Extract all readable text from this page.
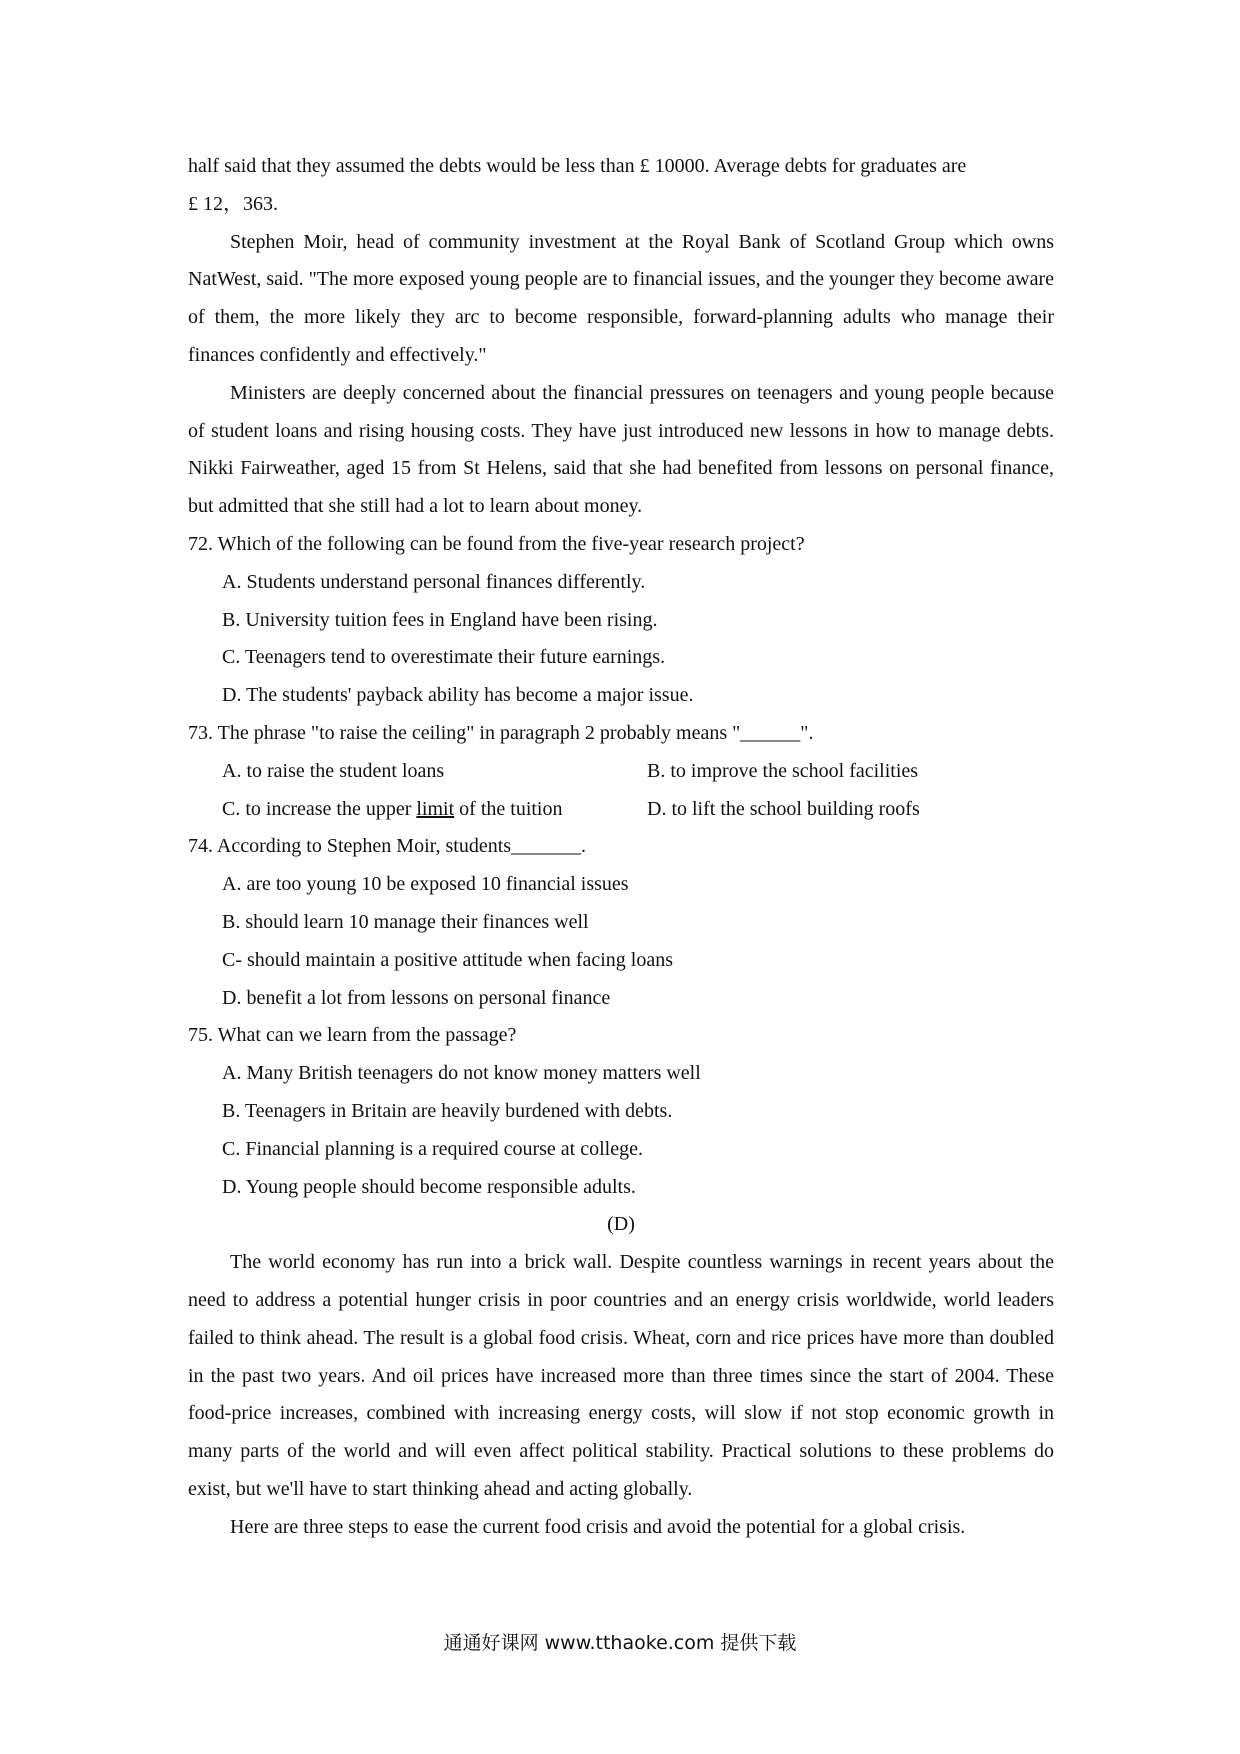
half said that they assumed the debts would be less than £ 10000. Average debts for graduates are
£ 12，363.

Stephen Moir, head of community investment at the Royal Bank of Scotland Group which owns NatWest, said. "The more exposed young people are to financial issues, and the younger they become aware of them, the more likely they arc to become responsible, forward-planning adults who manage their finances confidently and effectively."

Ministers are deeply concerned about the financial pressures on teenagers and young people because of student loans and rising housing costs. They have just introduced new lessons in how to manage debts. Nikki Fairweather, aged 15 from St Helens, said that she had benefited from lessons on personal finance, but admitted that she still had a lot to learn about money.

72. Which of the following can be found from the five-year research project?

A. Students understand personal finances differently.

B. University tuition fees in England have been rising.

C. Teenagers tend to overestimate their future earnings.

D. The students' payback ability has become a major issue.

73. The phrase "to raise the ceiling" in paragraph 2 probably means "______".

A. to raise the student loans	B. to improve the school facilities
C. to increase the upper limit of the tuition	D. to lift the school building roofs

74. According to Stephen Moir, students_______.

A. are too young 10 be exposed 10 financial issues

B. should learn 10 manage their finances well

C- should maintain a positive attitude when facing loans

D. benefit a lot from lessons on personal finance

75. What can we learn from the passage?

A. Many British teenagers do not know money matters well

B. Teenagers in Britain are heavily burdened with debts.

C. Financial planning is a required course at college.

D. Young people should become responsible adults.

(D)

The world economy has run into a brick wall. Despite countless warnings in recent years about the need to address a potential hunger crisis in poor countries and an energy crisis worldwide, world leaders failed to think ahead. The result is a global food crisis. Wheat, corn and rice prices have more than doubled in the past two years. And oil prices have increased more than three times since the start of 2004. These food-price increases, combined with increasing energy costs, will slow if not stop economic growth in many parts of the world and will even affect political stability. Practical solutions to these problems do exist, but we'll have to start thinking ahead and acting globally.

Here are three steps to ease the current food crisis and avoid the potential for a global crisis.

通通好课网 www.tthaoke.com 提供下载
